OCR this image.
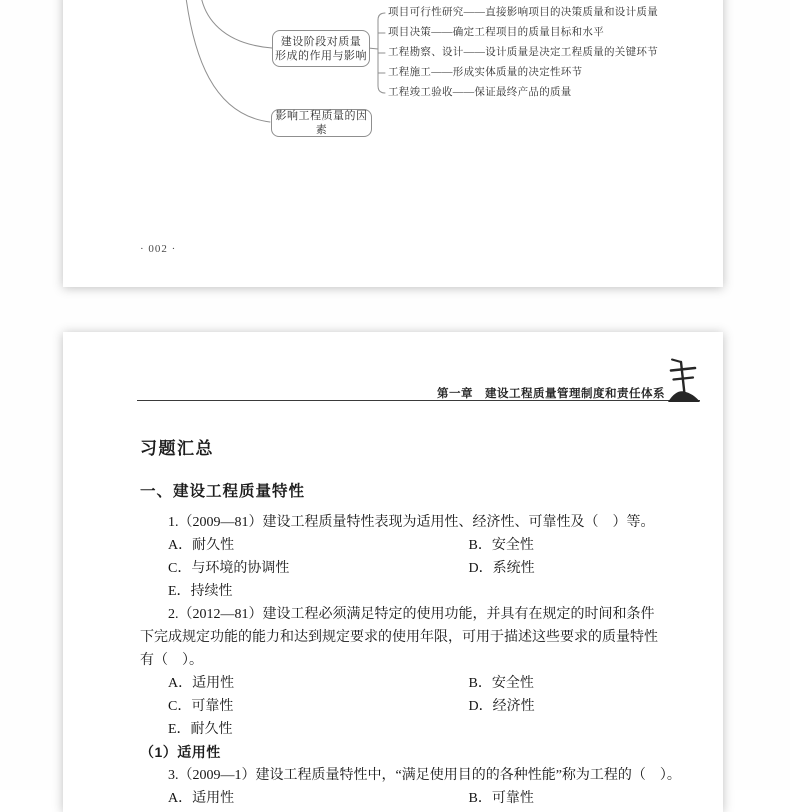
建设阶段对质量
形成的作用与影响
影响工程质量的因素
项目可行性研究——直接影响项目的决策质量和设计质量
项目决策——确定工程项目的质量目标和水平
工程勘察、设计——设计质量是决定工程质量的关键环节
工程施工——形成实体质量的决定性环节
工程竣工验收——保证最终产品的质量
· 002 ·
第一章　建设工程质量管理制度和责任体系
习题汇总
一、建设工程质量特性

1.（2009—81）建设工程质量特性表现为适用性、经济性、可靠性及（　）等。

A．耐久性	B．安全性
C．与环境的协调性	D．系统性
E．持续性

2.（2012—81）建设工程必须满足特定的使用功能，并具有在规定的时间和条件

下完成规定功能的能力和达到规定要求的使用年限，可用于描述这些要求的质量特性

有（　）。

A．适用性	B．安全性
C．可靠性	D．经济性
E．耐久性

（1）适用性

3.（2009—1）建设工程质量特性中，“满足使用目的的各种性能”称为工程的（　）。

A．适用性	B．可靠性
